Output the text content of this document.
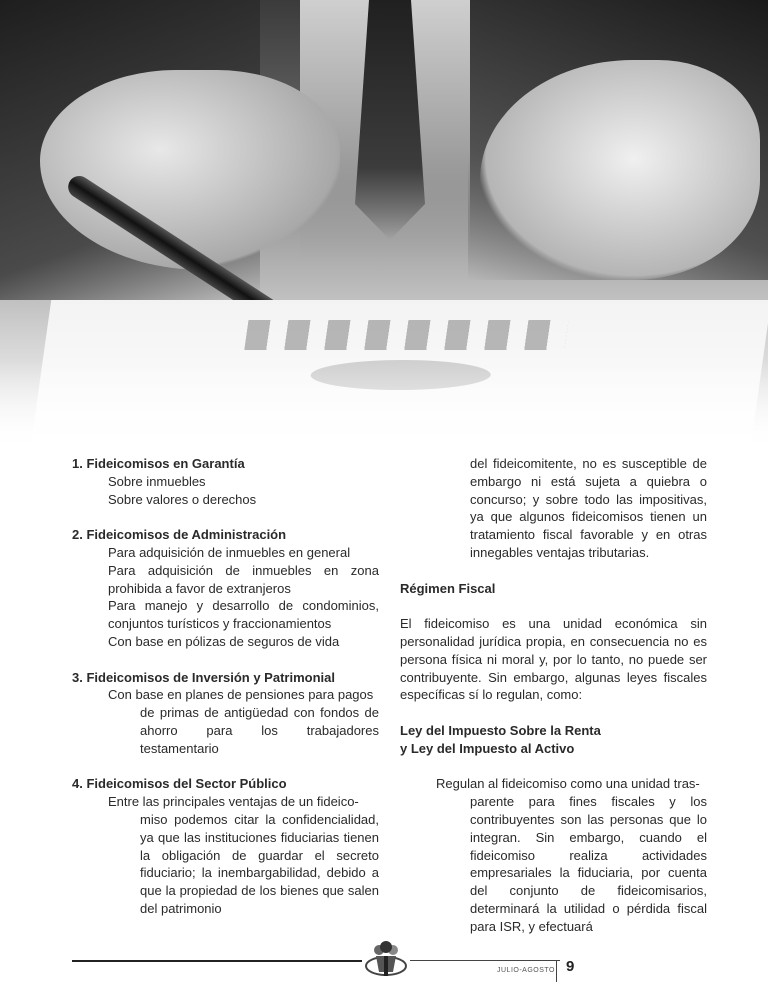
1. Fideicomisos en Garantía

Sobre inmuebles

Sobre valores o derechos

2. Fideicomisos de Administración

Para adquisición de inmuebles en general

Para adquisición de inmuebles en zona prohibida a favor de extranjeros

Para manejo y desarrollo de condominios, conjuntos turísticos y fraccionamientos

Con base en pólizas de seguros de vida

3. Fideicomisos de Inversión y Patrimonial

Con base en planes de pensiones para pagos

de primas de antigüedad con fondos de ahorro para los trabajadores testamentario

4. Fideicomisos del Sector Público

Entre las principales ventajas de un fideico-

miso podemos citar la confidencialidad, ya que las instituciones fiduciarias tienen la obligación de guardar el secreto fiduciario; la inembargabilidad, debido a que la propiedad de los bienes que salen del patrimonio

del fideicomitente, no es susceptible de embargo ni está sujeta a quiebra o concurso; y sobre todo las impositivas, ya que algunos fideicomisos tienen un tratamiento fiscal favorable y en otras innegables ventajas tributarias.

Régimen Fiscal

El fideicomiso es una unidad económica sin personalidad jurídica propia, en consecuencia no es persona física ni moral y, por lo tanto, no puede ser contribuyente. Sin embargo, algunas leyes fiscales específicas sí lo regulan, como:

Ley del Impuesto Sobre la Renta

y Ley del Impuesto al Activo

Regulan al fideicomiso como una unidad tras-

parente para fines fiscales y los contribuyentes son las personas que lo integran. Sin embargo, cuando el fideicomiso realiza actividades empresariales la fiduciaria, por cuenta del conjunto de fideicomisarios, determinará la utilidad o pérdida fiscal para ISR, y efectuará

JULIO-AGOSTO 9
